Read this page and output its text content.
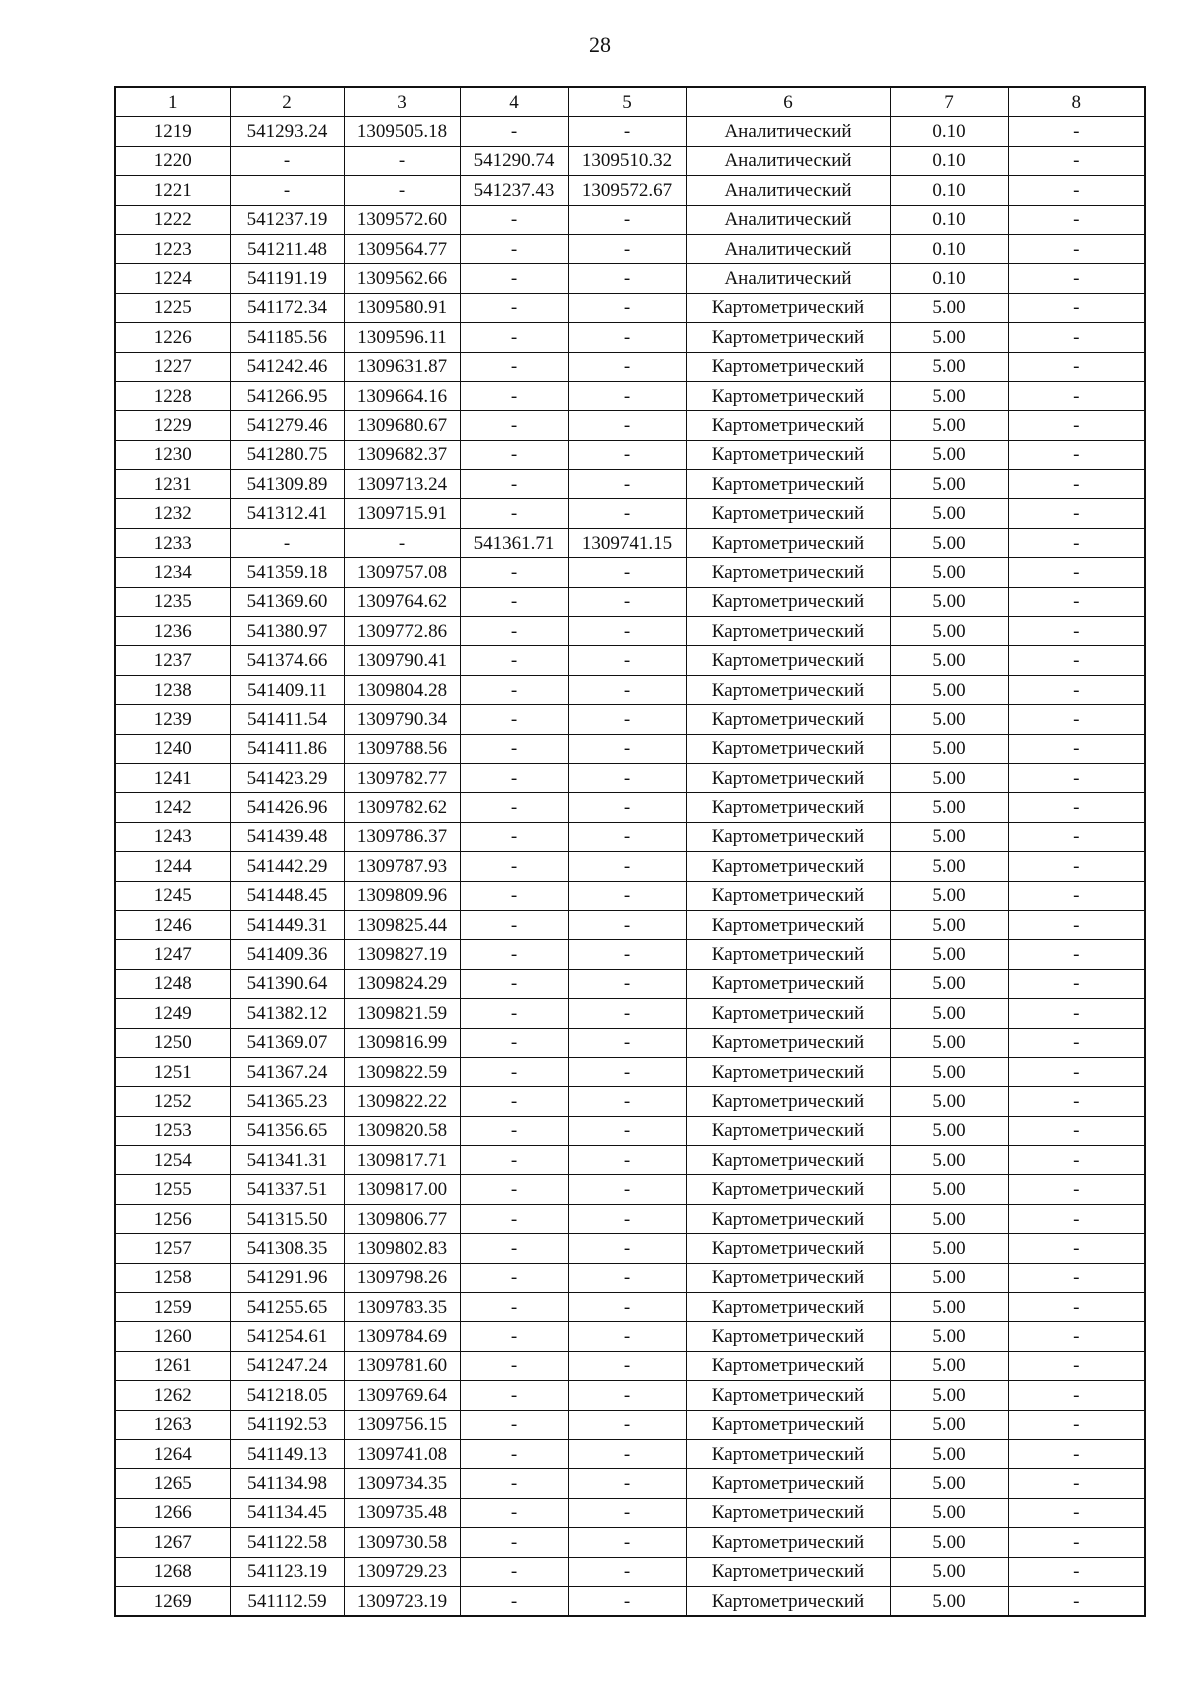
28
1	2	3	4	5	6	7	8
1219	541293.24	1309505.18	-	-	Аналитический	0.10	-
1220	-	-	541290.74	1309510.32	Аналитический	0.10	-
1221	-	-	541237.43	1309572.67	Аналитический	0.10	-
1222	541237.19	1309572.60	-	-	Аналитический	0.10	-
1223	541211.48	1309564.77	-	-	Аналитический	0.10	-
1224	541191.19	1309562.66	-	-	Аналитический	0.10	-
1225	541172.34	1309580.91	-	-	Картометрический	5.00	-
1226	541185.56	1309596.11	-	-	Картометрический	5.00	-
1227	541242.46	1309631.87	-	-	Картометрический	5.00	-
1228	541266.95	1309664.16	-	-	Картометрический	5.00	-
1229	541279.46	1309680.67	-	-	Картометрический	5.00	-
1230	541280.75	1309682.37	-	-	Картометрический	5.00	-
1231	541309.89	1309713.24	-	-	Картометрический	5.00	-
1232	541312.41	1309715.91	-	-	Картометрический	5.00	-
1233	-	-	541361.71	1309741.15	Картометрический	5.00	-
1234	541359.18	1309757.08	-	-	Картометрический	5.00	-
1235	541369.60	1309764.62	-	-	Картометрический	5.00	-
1236	541380.97	1309772.86	-	-	Картометрический	5.00	-
1237	541374.66	1309790.41	-	-	Картометрический	5.00	-
1238	541409.11	1309804.28	-	-	Картометрический	5.00	-
1239	541411.54	1309790.34	-	-	Картометрический	5.00	-
1240	541411.86	1309788.56	-	-	Картометрический	5.00	-
1241	541423.29	1309782.77	-	-	Картометрический	5.00	-
1242	541426.96	1309782.62	-	-	Картометрический	5.00	-
1243	541439.48	1309786.37	-	-	Картометрический	5.00	-
1244	541442.29	1309787.93	-	-	Картометрический	5.00	-
1245	541448.45	1309809.96	-	-	Картометрический	5.00	-
1246	541449.31	1309825.44	-	-	Картометрический	5.00	-
1247	541409.36	1309827.19	-	-	Картометрический	5.00	-
1248	541390.64	1309824.29	-	-	Картометрический	5.00	-
1249	541382.12	1309821.59	-	-	Картометрический	5.00	-
1250	541369.07	1309816.99	-	-	Картометрический	5.00	-
1251	541367.24	1309822.59	-	-	Картометрический	5.00	-
1252	541365.23	1309822.22	-	-	Картометрический	5.00	-
1253	541356.65	1309820.58	-	-	Картометрический	5.00	-
1254	541341.31	1309817.71	-	-	Картометрический	5.00	-
1255	541337.51	1309817.00	-	-	Картометрический	5.00	-
1256	541315.50	1309806.77	-	-	Картометрический	5.00	-
1257	541308.35	1309802.83	-	-	Картометрический	5.00	-
1258	541291.96	1309798.26	-	-	Картометрический	5.00	-
1259	541255.65	1309783.35	-	-	Картометрический	5.00	-
1260	541254.61	1309784.69	-	-	Картометрический	5.00	-
1261	541247.24	1309781.60	-	-	Картометрический	5.00	-
1262	541218.05	1309769.64	-	-	Картометрический	5.00	-
1263	541192.53	1309756.15	-	-	Картометрический	5.00	-
1264	541149.13	1309741.08	-	-	Картометрический	5.00	-
1265	541134.98	1309734.35	-	-	Картометрический	5.00	-
1266	541134.45	1309735.48	-	-	Картометрический	5.00	-
1267	541122.58	1309730.58	-	-	Картометрический	5.00	-
1268	541123.19	1309729.23	-	-	Картометрический	5.00	-
1269	541112.59	1309723.19	-	-	Картометрический	5.00	-
